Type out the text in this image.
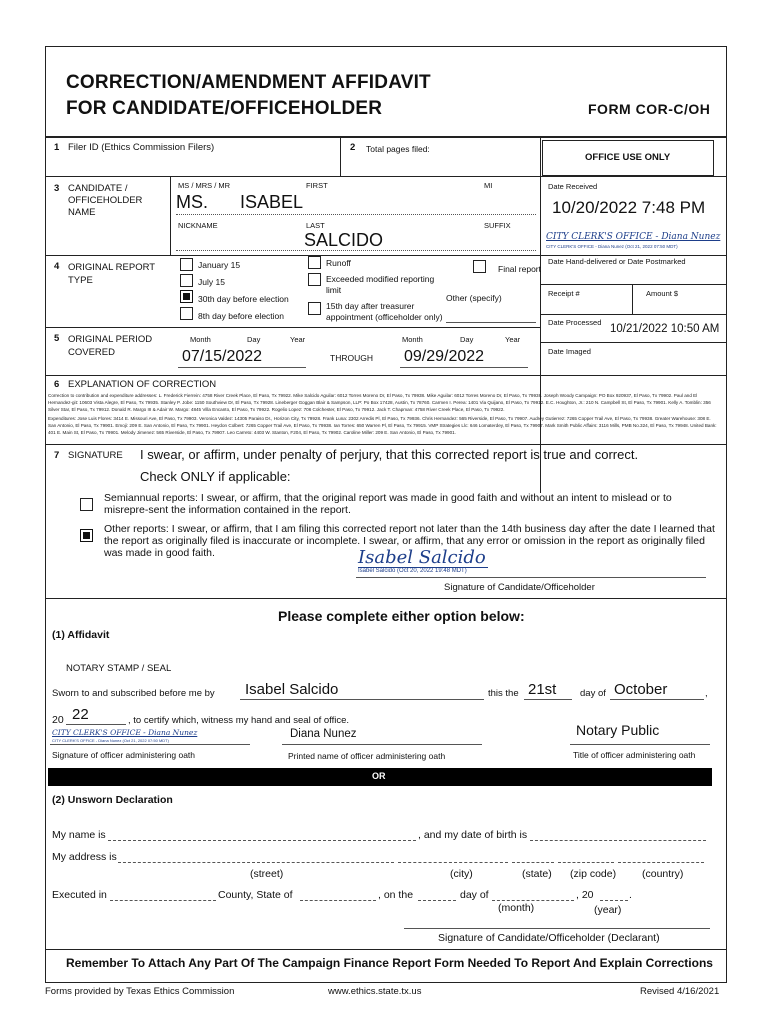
CORRECTION/AMENDMENT AFFIDAVIT
FOR CANDIDATE/OFFICEHOLDER	FORM COR-C/OH
1 Filer ID (Ethics Commission Filers)	2 Total pages filed:
OFFICE USE ONLY
3 CANDIDATE / OFFICEHOLDER NAME
MS / MRS / MR	FIRST	MI
MS. ISABEL
NICKNAME	LAST	SUFFIX
SALCIDO
Date Received
10/20/2022 7:48 PM
CITY CLERK'S OFFICE - Diana Nunez
CITY CLERK'S OFFICE - Diana Nunez (Oct 21, 2022 07:50 MDT)
4 ORIGINAL REPORT TYPE
January 15
July 15
30th day before election
8th day before election
Runoff
Exceeded modified reporting limit
15th day after treasurer appointment (officeholder only)
Final report
Other (specify)
Date Hand-delivered or Date Postmarked
Receipt #	Amount $
Date Processed
10/21/2022 10:50 AM
Date Imaged
5 ORIGINAL PERIOD COVERED
Month	Day	Year
07/15/2022	THROUGH
Month	Day	Year
09/29/2022
6 EXPLANATION OF CORRECTION
Correction to contribution and expenditure addresses: L. Frederick Fierrein: 4758 River Creek Place, El Paso, Tx 79922. Mike Salcido Aguilar: 6012 Torres Moreno Dr, El Paso, Tx 79938. Mike Aguilar: 6012 Torres Moreno Dr, El Paso, Tx 79938. Joseph Woody Campaign: PO Box 920937, El Paso, Tx 79902. Paul and El Hernandez-git: 10603 Vista Alegre, El Paso, Tx 79935. Stanley P. Jobe: 1150 Southview Dr, El Paso, Tx 79928. Lineberger Goggan Blair & Sampson, LLP: Po Box 17428, Austin, Tx 78760. Carmen I. Perea: 1401 Via Quijano, El Paso, Tx 79912. E.C. Houghton, Jr.: 210 N. Campbell St, El Paso, Tx 79901. Kelly A. Tomblin: 356 Silver Star, El Paso, Tx 79912. Donald R. Margo III & Adair W. Margo: 4845 Villa Encanto, El Paso, Tx 79922. Rogelio Lopez: 706 Colchester, El Paso, Tx 79912. Jack T. Chapman: 4758 River Creek Place, El Paso, Tx 79922.
Expenditures: Jose Luis Flores: 3414 E. Missouri Ave, El Paso, Tx 79903. Veronica Valdez: 14305 Paraiso Dr., Horizon City, Tx 79928. Frank Luna: 2302 Arredis Pl, El Paso, Tx 79936. Chris Hernandez: 565 Riverside, El Paso, Tx 79907. Audrey Gutierrez: 7265 Copper Trail Ave, El Paso, Tx 79938. Greater Warehouse: 308 E. San Antonio, El Paso, Tx 79901. Emoji: 209 E. San Antonio, El Paso, Tx 79901. Heydon Colbert: 7265 Copper Trail Ave, El Paso, Tx 79938. Ian Torres: 650 Warren Pl, El Paso, Tx 79915. VMP Strategies Llc: 646 Lomaterdey, El Paso, Tx 79907. Mark Smith Public Affairs: 3116 Mills, PMB No.324, El Paso, Tx 79948. United Bank: 401 E. Main St, El Paso, Tx 79901. Melody Jimenez: 565 Riverside, El Paso, Tx 79907. Leo Carreto: 4403 W. Stanton, F204, El Paso, Tx 79902. Caroline Miller: 209 E. San Antonio, El Paso, Tx 79901.
7 SIGNATURE I swear, or affirm, under penalty of perjury, that this corrected report is true and correct.
Check ONLY if applicable:
Semiannual reports: I swear, or affirm, that the original report was made in good faith and without an intent to mislead or to misrepre-sent the information contained in the report.
Other reports: I swear, or affirm, that I am filing this corrected report not later than the 14th business day after the date I learned that the report as originally filed is inaccurate or incomplete. I swear, or affirm, that any error or omission in the report as originally filed was made in good faith.	Isabel Salcido
Isabel Salcido (Oct 20, 2022 19:48 MDT)
Signature of Candidate/Officeholder
Please complete either option below:
(1) Affidavit
NOTARY STAMP / SEAL
Sworn to and subscribed before me by Isabel Salcido	this the 21st day of October	,
20 22	, to certify which, witness my hand and seal of office.
CITY CLERK'S OFFICE - Diana Nunez
CITY CLERK'S OFFICE - Diana Nunez (Oct 21, 2022 07:50 MDT)
Diana Nunez	Notary Public
Signature of officer administering oath	Printed name of officer administering oath	Title of officer administering oath
OR
(2) Unsworn Declaration
My name is	, and my date of birth is
My address is
(street)	(city)	(state) (zip code) (country)
Executed in	County, State of	, on the	day of	, 20	.
(month)	(year)
Signature of Candidate/Officeholder (Declarant)
Remember To Attach Any Part Of The Campaign Finance Report Form Needed To Report And Explain Corrections
Forms provided by Texas Ethics Commission	www.ethics.state.tx.us	Revised 4/16/2021
